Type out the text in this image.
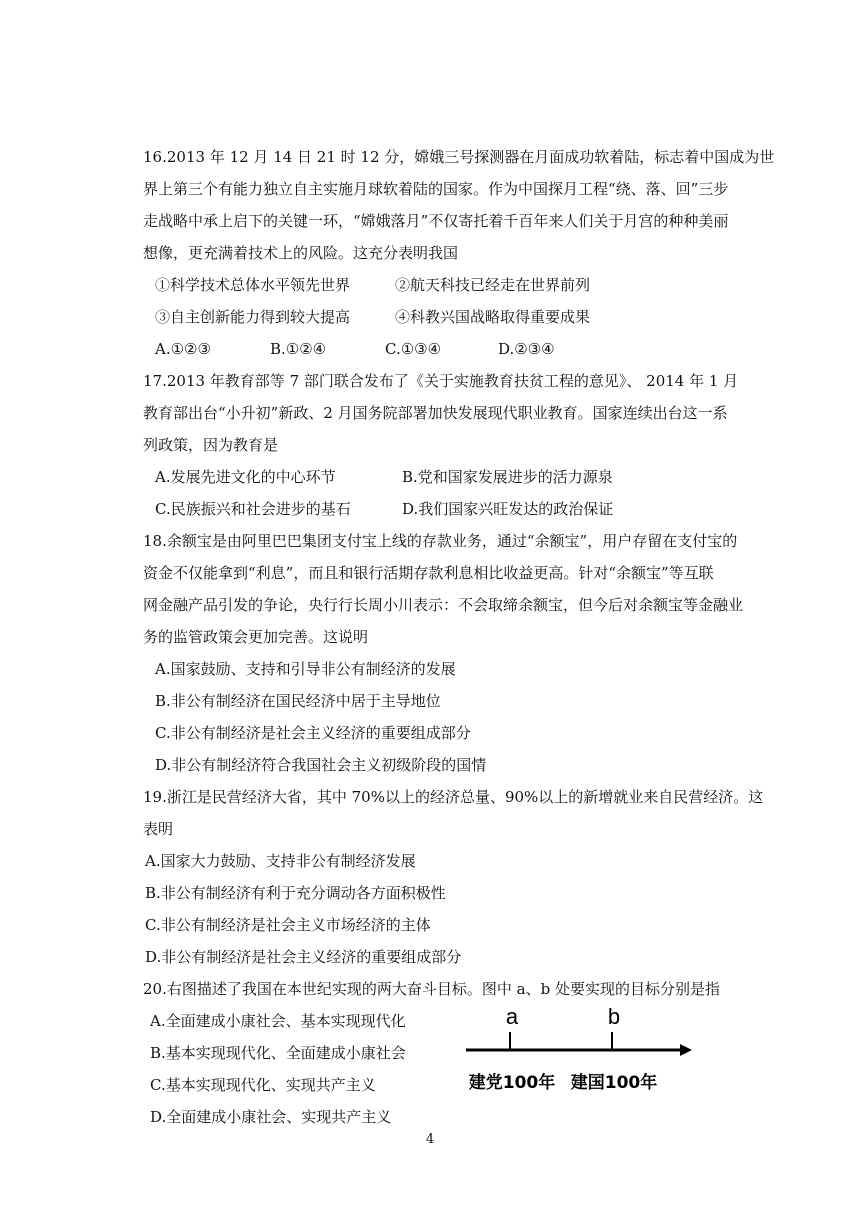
16.2013 年 12 月 14 日 21 时 12 分，嫦娥三号探测器在月面成功软着陆，标志着中国成为世
界上第三个有能力独立自主实施月球软着陆的国家。作为中国探月工程“绕、落、回”三步
走战略中承上启下的关键一环，“嫦娥落月”不仅寄托着千百年来人们关于月宫的种种美丽
想像，更充满着技术上的风险。这充分表明我国
①科学技术总体水平领先世界	②航天科技已经走在世界前列
③自主创新能力得到较大提高	④科教兴国战略取得重要成果
A.①②③	B.①②④	C.①③④	D.②③④
17.2013 年教育部等 7 部门联合发布了《关于实施教育扶贫工程的意见》、 2014 年 1 月
教育部出台“小升初”新政、2 月国务院部署加快发展现代职业教育。国家连续出台这一系
列政策，因为教育是
A.发展先进文化的中心环节	B.党和国家发展进步的活力源泉
C.民族振兴和社会进步的基石	D.我们国家兴旺发达的政治保证
18.余额宝是由阿里巴巴集团支付宝上线的存款业务，通过“余额宝”，用户存留在支付宝的
资金不仅能拿到“利息”，而且和银行活期存款利息相比收益更高。针对“余额宝”等互联
网金融产品引发的争论，央行行长周小川表示：不会取缔余额宝，但今后对余额宝等金融业
务的监管政策会更加完善。这说明
A.国家鼓励、支持和引导非公有制经济的发展
B.非公有制经济在国民经济中居于主导地位
C.非公有制经济是社会主义经济的重要组成部分
D.非公有制经济符合我国社会主义初级阶段的国情
19.浙江是民营经济大省，其中 70%以上的经济总量、90%以上的新增就业来自民营经济。这
表明
A.国家大力鼓励、支持非公有制经济发展
B.非公有制经济有利于充分调动各方面积极性
C.非公有制经济是社会主义市场经济的主体
D.非公有制经济是社会主义经济的重要组成部分
20.右图描述了我国在本世纪实现的两大奋斗目标。图中 a、b 处要实现的目标分别是指
A.全面建成小康社会、基本实现现代化
B.基本实现现代化、全面建成小康社会
C.基本实现现代化、实现共产主义
D.全面建成小康社会、实现共产主义
a	b
建党100年 建国100年
4
